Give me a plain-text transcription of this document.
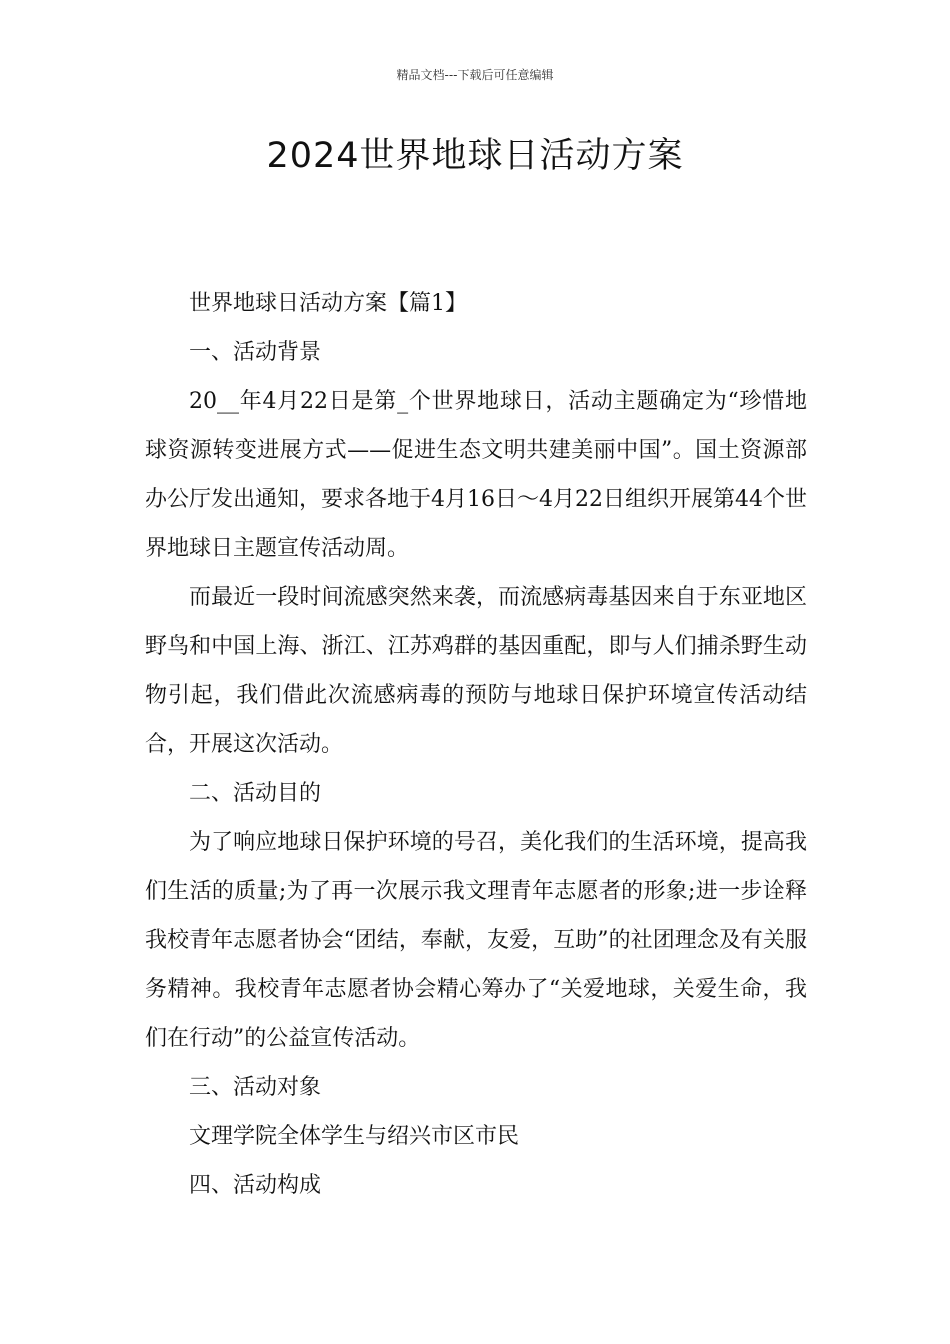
精品文档---下载后可任意编辑
2024世界地球日活动方案

世界地球日活动方案【篇1】

一、活动背景

20__年4月22日是第_个世界地球日，活动主题确定为“珍惜地球资源转变进展方式——促进生态文明共建美丽中国”。国土资源部办公厅发出通知，要求各地于4月16日～4月22日组织开展第44个世界地球日主题宣传活动周。

而最近一段时间流感突然来袭，而流感病毒基因来自于东亚地区野鸟和中国上海、浙江、江苏鸡群的基因重配，即与人们捕杀野生动物引起，我们借此次流感病毒的预防与地球日保护环境宣传活动结合，开展这次活动。

二、活动目的

为了响应地球日保护环境的号召，美化我们的生活环境，提高我们生活的质量;为了再一次展示我文理青年志愿者的形象;进一步诠释我校青年志愿者协会“团结，奉献，友爱，互助”的社团理念及有关服务精神。我校青年志愿者协会精心筹办了“关爱地球，关爱生命，我们在行动”的公益宣传活动。

三、活动对象

文理学院全体学生与绍兴市区市民

四、活动构成
